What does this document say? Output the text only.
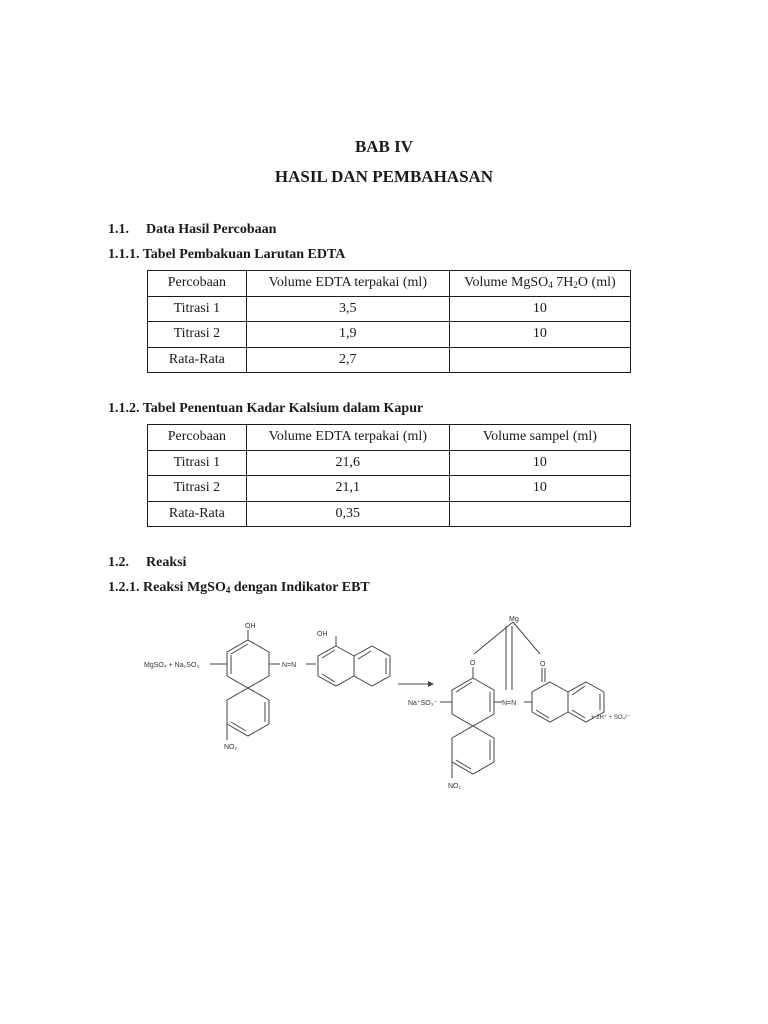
BAB IV
HASIL DAN PEMBAHASAN
1.1. Data Hasil Percobaan
1.1.1. Tabel Pembakuan Larutan EDTA
Percobaan	Volume EDTA terpakai (ml)	Volume MgSO$_4$ $7H_2O$ (ml)
Titrasi 1	3,5	10
Titrasi 2	1,9	10
Rata-Rata	2,7	
1.1.2. Tabel Penentuan Kadar Kalsium dalam Kapur
Percobaan	Volume EDTA terpakai (ml)	Volume sampel (ml)
Titrasi 1	21,6	10
Titrasi 2	21,1	10
Rata-Rata	0,35	
1.2. Reaksi
1.2.1. Reaksi MgSO$_4$ dengan Indikator EBT
MgSO₄ + Na₂SO₃
OH
OH
N=N
NO₂
Mg
O	O
Na⁺SO₃⁻	N=N
NO₂
+ 2H⁺ + SO₄²⁻
